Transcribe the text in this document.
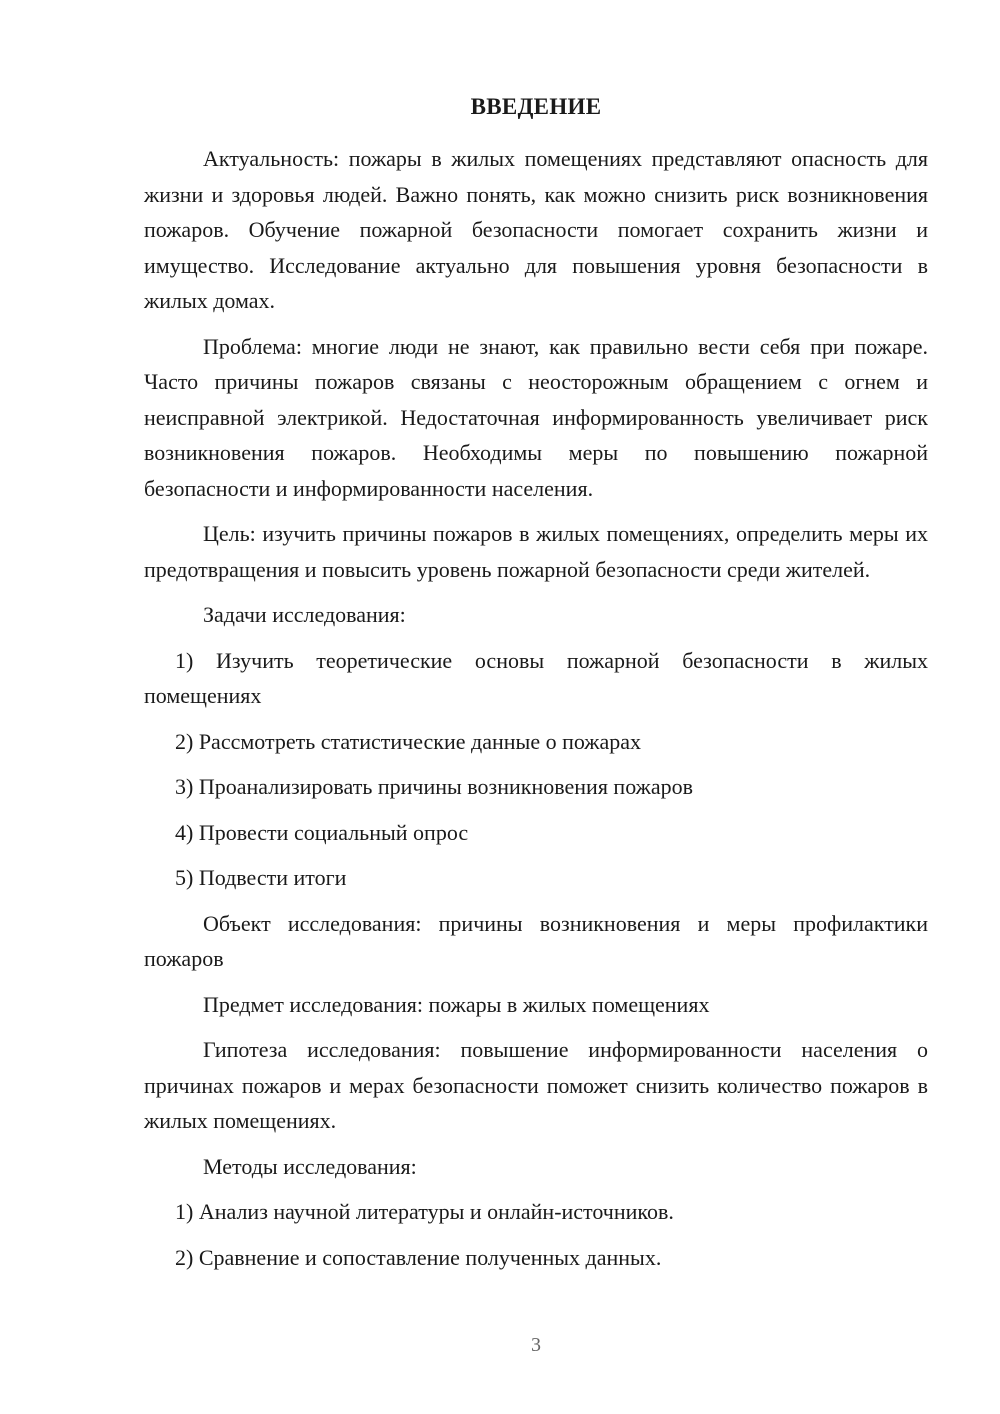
ВВЕДЕНИЕ

Актуальность: пожары в жилых помещениях представляют опасность для жизни и здоровья людей. Важно понять, как можно снизить риск возникновения пожаров. Обучение пожарной безопасности помогает сохранить жизни и имущество. Исследование актуально для повышения уровня безопасности в жилых домах.

Проблема: многие люди не знают, как правильно вести себя при пожаре. Часто причины пожаров связаны с неосторожным обращением с огнем и неисправной электрикой. Недостаточная информированность увеличивает риск возникновения пожаров. Необходимы меры по повышению пожарной безопасности и информированности населения.

Цель: изучить причины пожаров в жилых помещениях, определить меры их предотвращения и повысить уровень пожарной безопасности среди жителей.

Задачи исследования:

1) Изучить теоретические основы пожарной безопасности в жилых помещениях

2) Рассмотреть статистические данные о пожарах

3) Проанализировать причины возникновения пожаров

4) Провести социальный опрос

5) Подвести итоги

Объект исследования: причины возникновения и меры профилактики пожаров

Предмет исследования: пожары в жилых помещениях

Гипотеза исследования: повышение информированности населения о причинах пожаров и мерах безопасности поможет снизить количество пожаров в жилых помещениях.

Методы исследования:

1) Анализ научной литературы и онлайн-источников.

2) Сравнение и сопоставление полученных данных.

3
